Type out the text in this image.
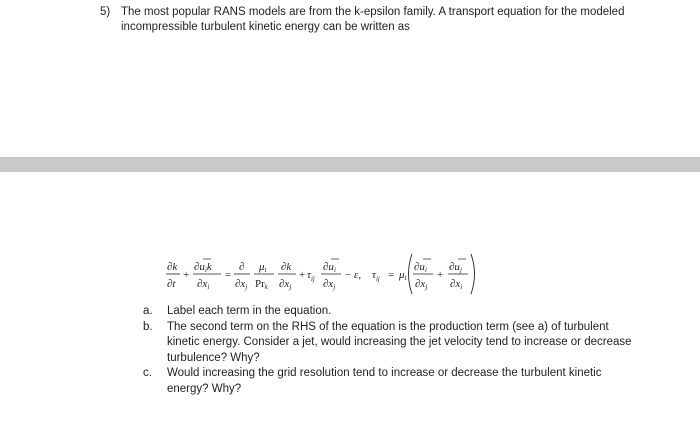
5) The most popular RANS models are from the k-epsilon family. A transport equation for the modeled incompressible turbulent kinetic energy can be written as
∂k
∂t
+
∂uik
∂xi
=
∂
∂xj
μt
Prk
∂k
∂xj
+ $\tau_{ij}$
∂ui
∂xj
− ε, $\tau_{ij} = \mu t$
∂ui
∂xj
+
∂uj
∂xi
a.	Label each term in the equation.
b.	The second term on the RHS of the equation is the production term (see a) of turbulent kinetic energy. Consider a jet, would increasing the jet velocity tend to increase or decrease turbulence? Why?
c.	Would increasing the grid resolution tend to increase or decrease the turbulent kinetic energy? Why?
